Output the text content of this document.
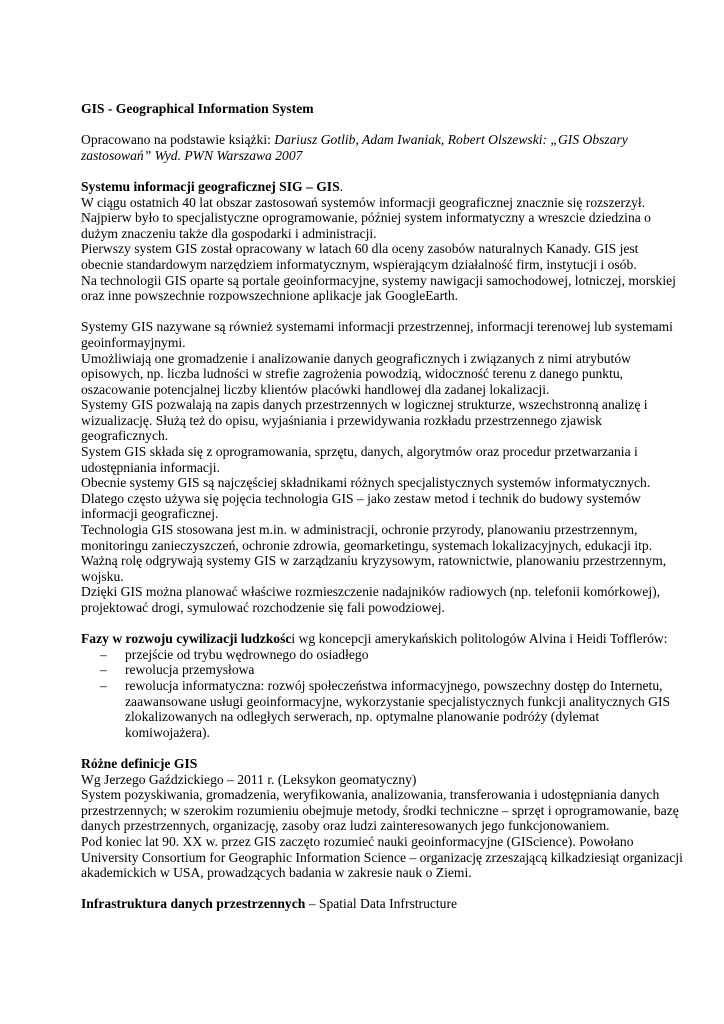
GIS - Geographical Information System

Opracowano na podstawie książki: Dariusz Gotlib, Adam Iwaniak, Robert Olszewski: „GIS Obszary zastosowań” Wyd. PWN Warszawa 2007

Systemu informacji geograficznej SIG – GIS.

W ciągu ostatnich 40 lat obszar zastosowań systemów informacji geograficznej znacznie się rozszerzył.

Najpierw było to specjalistyczne oprogramowanie, później system informatyczny a wreszcie dziedzina o dużym znaczeniu także dla gospodarki i administracji.

Pierwszy system GIS został opracowany w latach 60 dla oceny zasobów naturalnych Kanady. GIS jest obecnie standardowym narzędziem informatycznym, wspierającym działalność firm, instytucji i osób.

Na technologii GIS oparte są portale geoinformacyjne, systemy nawigacji samochodowej, lotniczej, morskiej oraz inne powszechnie rozpowszechnione aplikacje jak GoogleEarth.

Systemy GIS nazywane są również systemami informacji przestrzennej, informacji terenowej lub systemami geoinformayjnymi.

Umożliwiają one gromadzenie i analizowanie danych geograficznych i związanych z nimi atrybutów opisowych, np. liczba ludności w strefie zagrożenia powodzią, widoczność terenu z danego punktu, oszacowanie potencjalnej liczby klientów placówki handlowej dla zadanej lokalizacji.

Systemy GIS pozwalają na zapis danych przestrzennych w logicznej strukturze, wszechstronną analizę i wizualizację. Służą też do opisu, wyjaśniania i przewidywania rozkładu przestrzennego zjawisk geograficznych.

System GIS składa się z oprogramowania, sprzętu, danych, algorytmów oraz procedur przetwarzania i udostępniania informacji.

Obecnie systemy GIS są najczęściej składnikami różnych specjalistycznych systemów informatycznych. Dlatego często używa się pojęcia technologia GIS – jako zestaw metod i technik do budowy systemów informacji geograficznej.

Technologia GIS stosowana jest m.in. w administracji, ochronie przyrody, planowaniu przestrzennym, monitoringu zanieczyszczeń, ochronie zdrowia, geomarketingu, systemach lokalizacyjnych, edukacji itp. Ważną rolę odgrywają systemy GIS w zarządzaniu kryzysowym, ratownictwie, planowaniu przestrzennym, wojsku.

Dzięki GIS można planować właściwe rozmieszczenie nadajników radiowych (np. telefonii komórkowej), projektować drogi, symulować rozchodzenie się fali powodziowej.

Fazy w rozwoju cywilizacji ludzkości wg koncepcji amerykańskich politologów Alvina i Heidi Tofflerów:

– przejście od trybu wędrownego do osiadłego
– rewolucja przemysłowa
– rewolucja informatyczna: rozwój społeczeństwa informacyjnego, powszechny dostęp do Internetu, zaawansowane usługi geoinformacyjne, wykorzystanie specjalistycznych funkcji analitycznych GIS zlokalizowanych na odległych serwerach, np. optymalne planowanie podróży (dylemat komiwojażera).

Różne definicje GIS

Wg Jerzego Gaździckiego – 2011 r. (Leksykon geomatyczny)

System pozyskiwania, gromadzenia, weryfikowania, analizowania, transferowania i udostępniania danych przestrzennych; w szerokim rozumieniu obejmuje metody, środki techniczne – sprzęt i oprogramowanie, bazę danych przestrzennych, organizację, zasoby oraz ludzi zainteresowanych jego funkcjonowaniem.

Pod koniec lat 90. XX w. przez GIS zaczęto rozumieć nauki geoinformacyjne (GIScience). Powołano University Consortium for Geographic Information Science – organizację zrzeszającą kilkadziesiąt organizacji akademickich w USA, prowadzących badania w zakresie nauk o Ziemi.

Infrastruktura danych przestrzennych – Spatial Data Infrstructure
